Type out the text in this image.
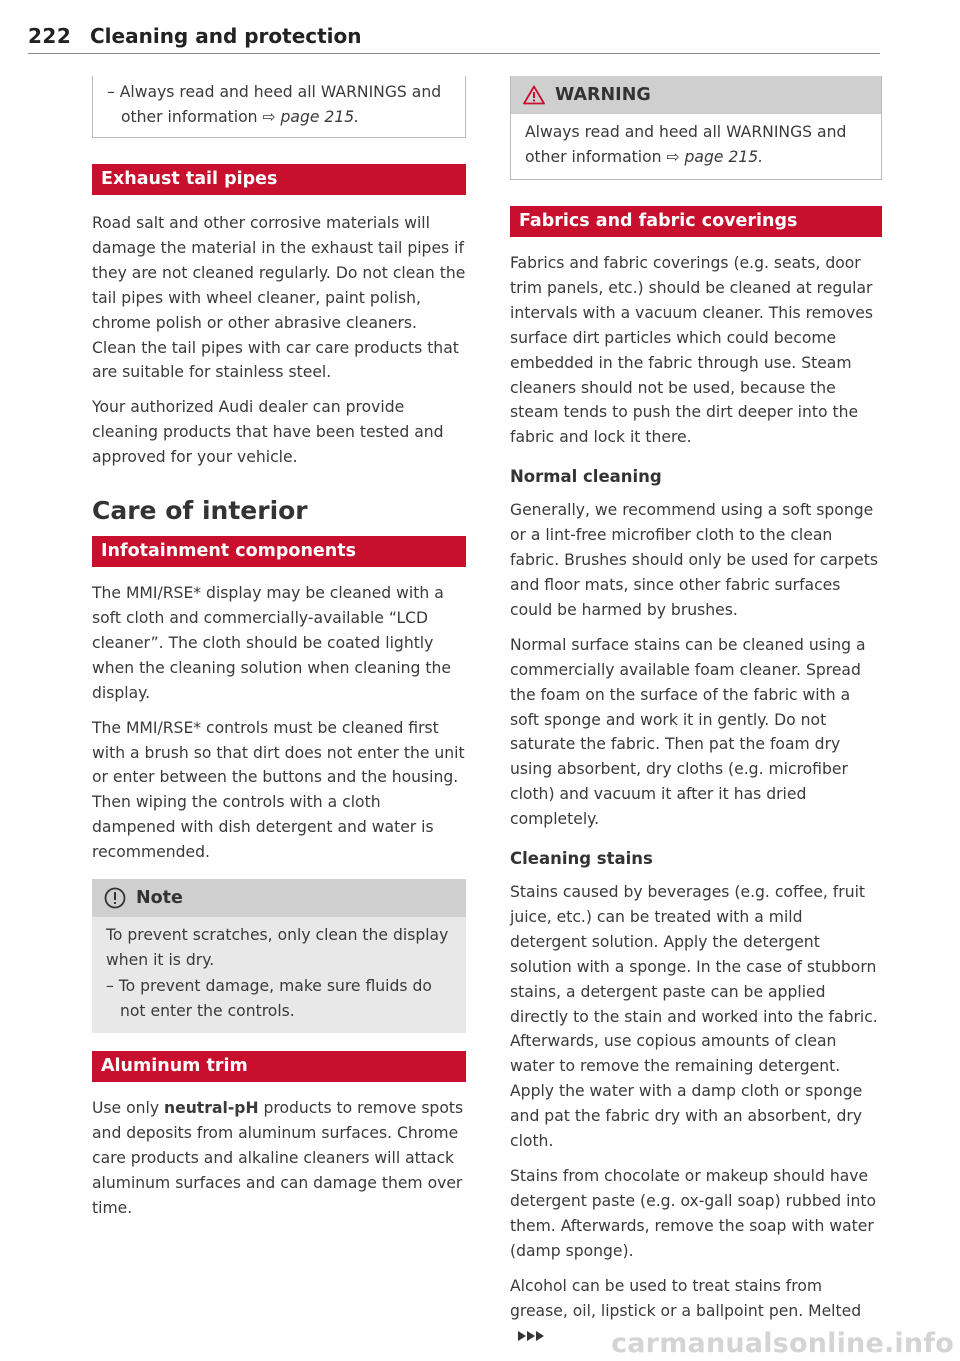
222 Cleaning and protection

– Always read and heed all WARNINGS and other information ⇨ page 215.

Exhaust tail pipes

Road salt and other corrosive materials will damage the material in the exhaust tail pipes if they are not cleaned regularly. Do not clean the tail pipes with wheel cleaner, paint polish, chrome polish or other abrasive cleaners. Clean the tail pipes with car care products that are suitable for stainless steel.

Your authorized Audi dealer can provide cleaning products that have been tested and approved for your vehicle.

Care of interior
Infotainment components

The MMI/RSE* display may be cleaned with a soft cloth and commercially-available “LCD cleaner”. The cloth should be coated lightly when the cleaning solution when cleaning the display.

The MMI/RSE* controls must be cleaned first with a brush so that dirt does not enter the unit or enter between the buttons and the housing. Then wiping the controls with a cloth dampened with dish detergent and water is recommended.

Note

To prevent scratches, only clean the display when it is dry.

– To prevent damage, make sure fluids do not enter the controls.

Aluminum trim

Use only neutral-pH products to remove spots and deposits from aluminum surfaces. Chrome care products and alkaline cleaners will attack aluminum surfaces and can damage them over time.

WARNING

Always read and heed all WARNINGS and other information ⇨ page 215.

Fabrics and fabric coverings

Fabrics and fabric coverings (e.g. seats, door trim panels, etc.) should be cleaned at regular intervals with a vacuum cleaner. This removes surface dirt particles which could become embedded in the fabric through use. Steam cleaners should not be used, because the steam tends to push the dirt deeper into the fabric and lock it there.

Normal cleaning

Generally, we recommend using a soft sponge or a lint-free microfiber cloth to the clean fabric. Brushes should only be used for carpets and floor mats, since other fabric surfaces could be harmed by brushes.

Normal surface stains can be cleaned using a commercially available foam cleaner. Spread the foam on the surface of the fabric with a soft sponge and work it in gently. Do not saturate the fabric. Then pat the foam dry using absorbent, dry cloths (e.g. microfiber cloth) and vacuum it after it has dried completely.

Cleaning stains

Stains caused by beverages (e.g. coffee, fruit juice, etc.) can be treated with a mild detergent solution. Apply the detergent solution with a sponge. In the case of stubborn stains, a detergent paste can be applied directly to the stain and worked into the fabric. Afterwards, use copious amounts of clean water to remove the remaining detergent. Apply the water with a damp cloth or sponge and pat the fabric dry with an absorbent, dry cloth.

Stains from chocolate or makeup should have detergent paste (e.g. ox-gall soap) rubbed into them. Afterwards, remove the soap with water (damp sponge).

Alcohol can be used to treat stains from grease, oil, lipstick or a ballpoint pen. Melted

carmanualsonline.info
